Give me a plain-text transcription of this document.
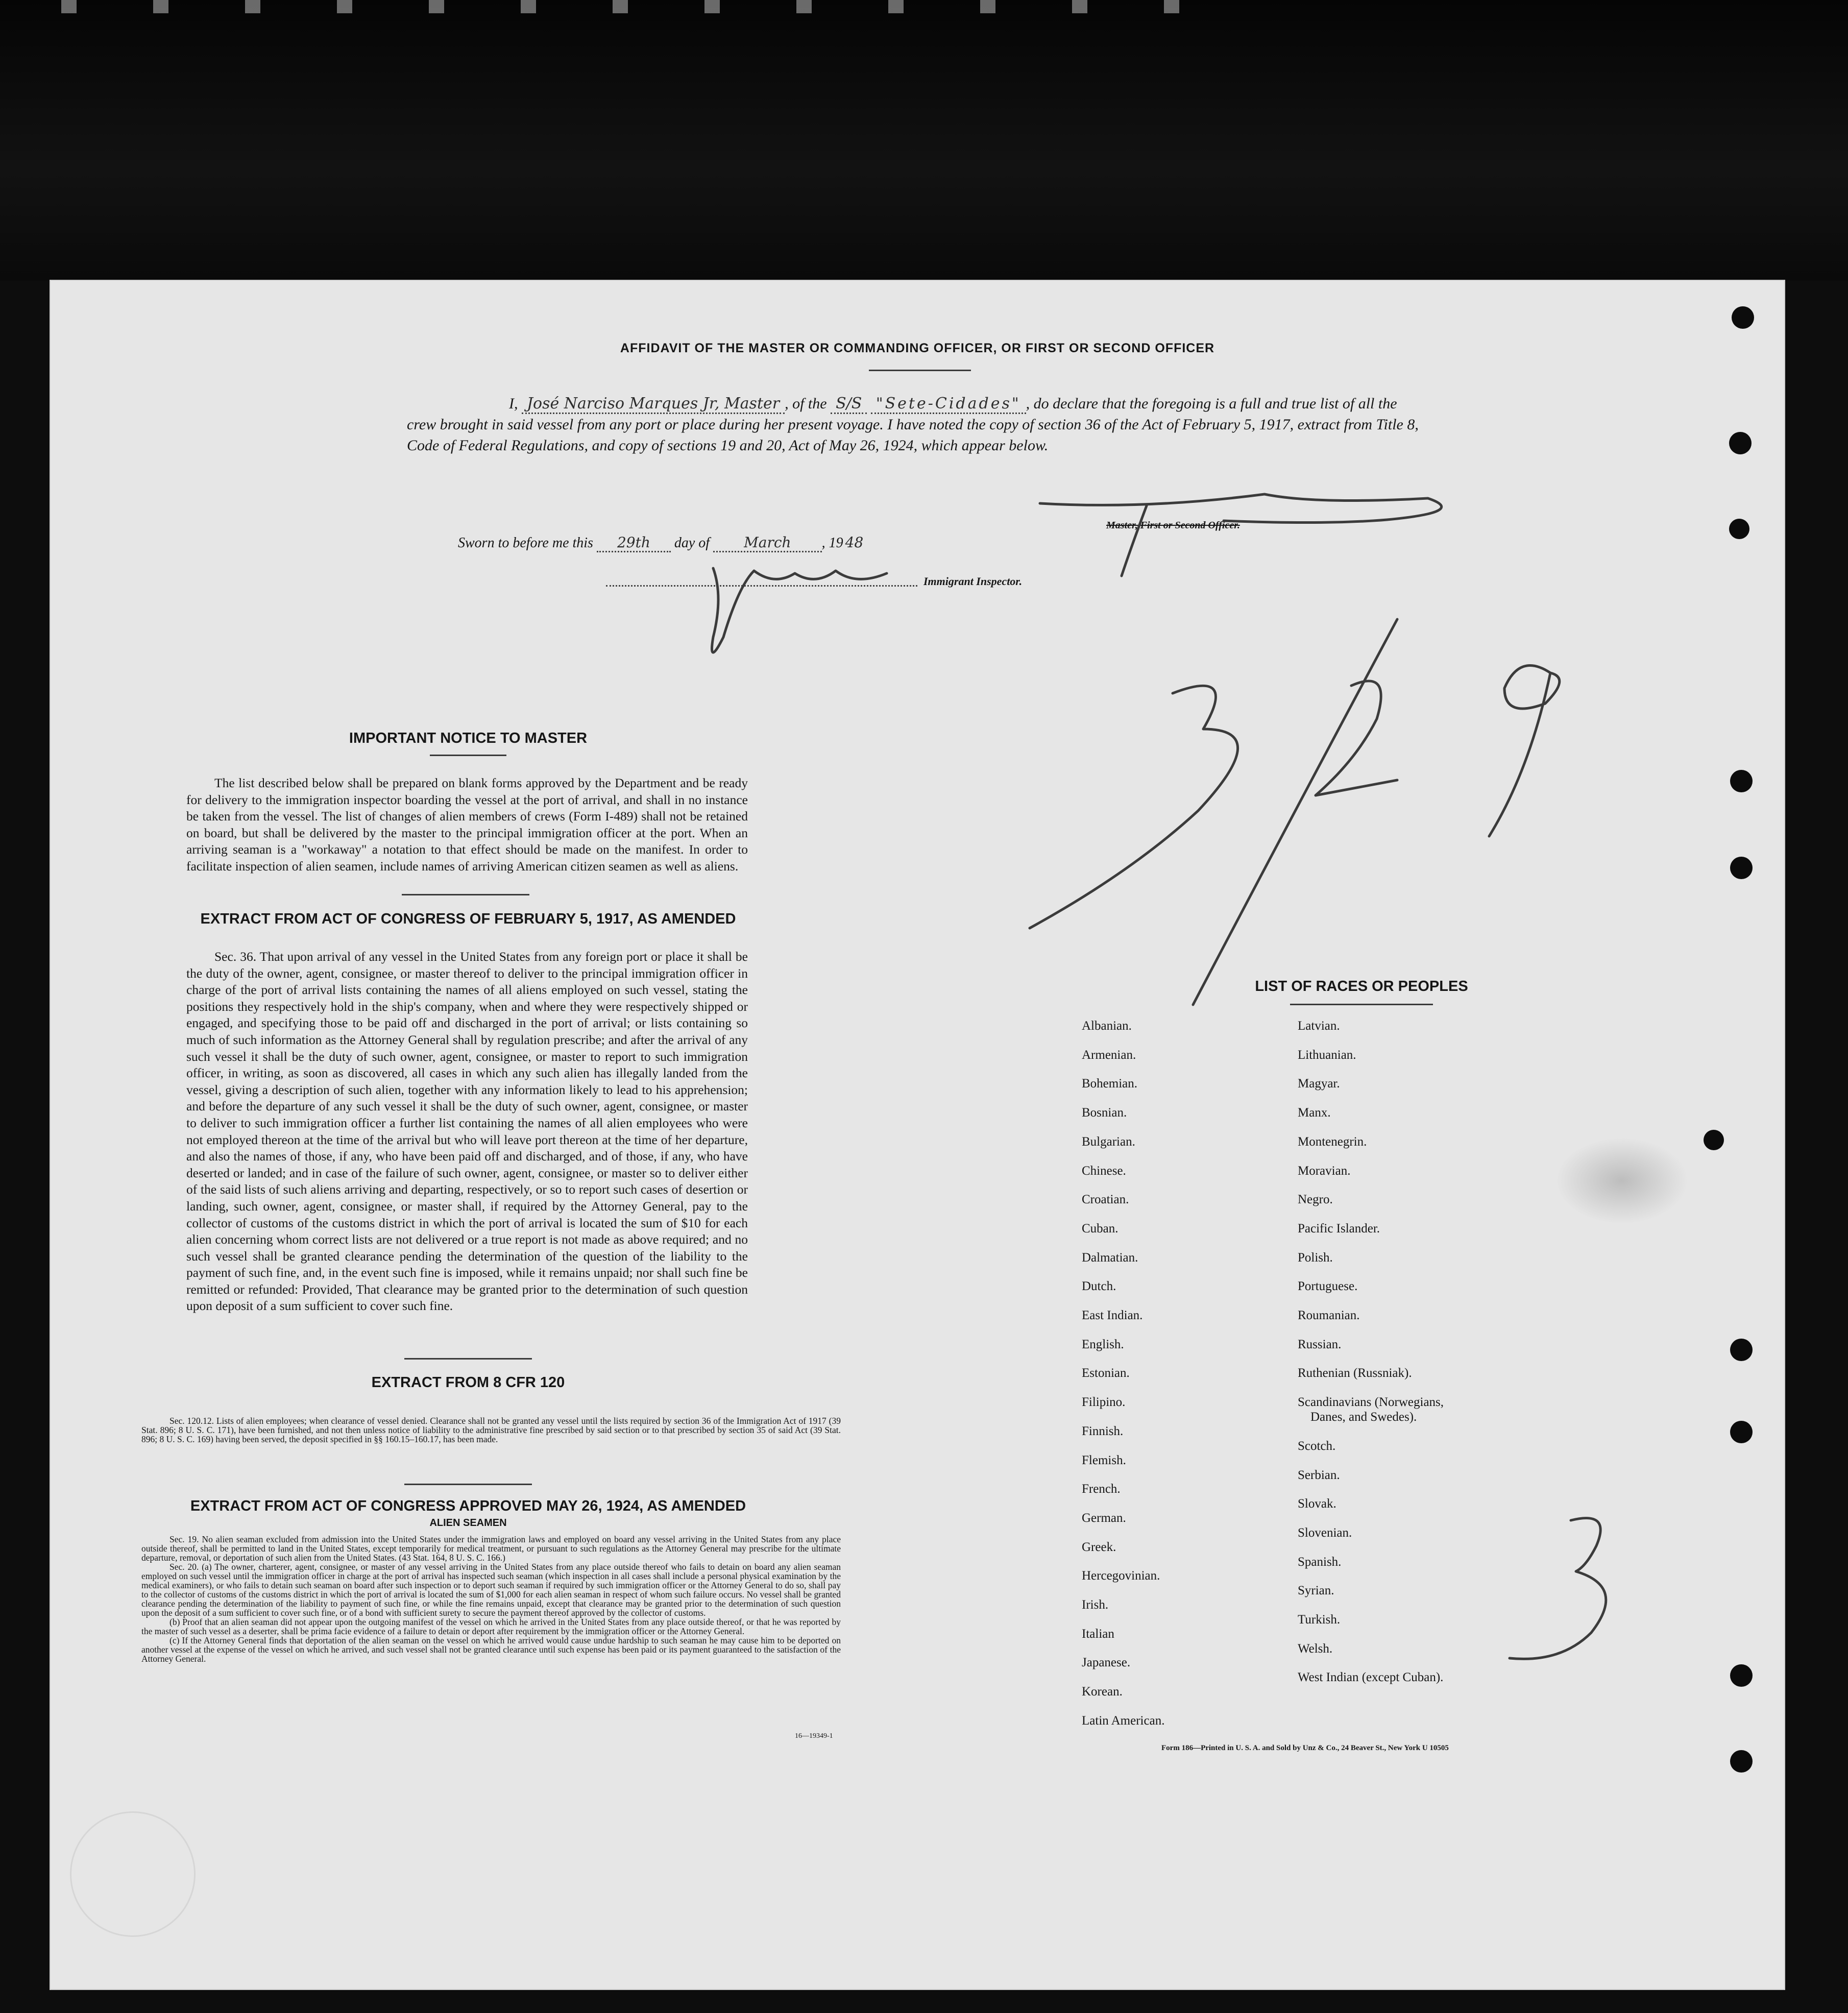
AFFIDAVIT OF THE MASTER OR COMMANDING OFFICER, OR FIRST OR SECOND OFFICER
I, José Narciso Marques Jr, Master , of the S/S "Sete-Cidades" , do declare that the foregoing is a full and true list of all the crew brought in said vessel from any port or place during her present voyage. I have noted the copy of section 36 of the Act of February 5, 1917, extract from Title 8, Code of Federal Regulations, and copy of sections 19 and 20, Act of May 26, 1924, which appear below.
Sworn to before me this 29th day of March , 19 48
Master, First or Second Officer.
Immigrant Inspector.
IMPORTANT NOTICE TO MASTER
The list described below shall be prepared on blank forms approved by the Department and be ready for delivery to the immigration inspector boarding the vessel at the port of arrival, and shall in no instance be taken from the vessel. The list of changes of alien members of crews (Form I-489) shall not be retained on board, but shall be delivered by the master to the principal immigration officer at the port. When an arriving seaman is a "workaway" a notation to that effect should be made on the manifest. In order to facilitate inspection of alien seamen, include names of arriving American citizen seamen as well as aliens.
EXTRACT FROM ACT OF CONGRESS OF FEBRUARY 5, 1917, AS AMENDED
Sec. 36. That upon arrival of any vessel in the United States from any foreign port or place it shall be the duty of the owner, agent, consignee, or master thereof to deliver to the principal immigration officer in charge of the port of arrival lists containing the names of all aliens employed on such vessel, stating the positions they respectively hold in the ship's company, when and where they were respectively shipped or engaged, and specifying those to be paid off and discharged in the port of arrival; or lists containing so much of such information as the Attorney General shall by regulation prescribe; and after the arrival of any such vessel it shall be the duty of such owner, agent, consignee, or master to report to such immigration officer, in writing, as soon as discovered, all cases in which any such alien has illegally landed from the vessel, giving a description of such alien, together with any information likely to lead to his apprehension; and before the departure of any such vessel it shall be the duty of such owner, agent, consignee, or master to deliver to such immigration officer a further list containing the names of all alien employees who were not employed thereon at the time of the arrival but who will leave port thereon at the time of her departure, and also the names of those, if any, who have been paid off and discharged, and of those, if any, who have deserted or landed; and in case of the failure of such owner, agent, consignee, or master so to deliver either of the said lists of such aliens arriving and departing, respectively, or so to report such cases of desertion or landing, such owner, agent, consignee, or master shall, if required by the Attorney General, pay to the collector of customs of the customs district in which the port of arrival is located the sum of $10 for each alien concerning whom correct lists are not delivered or a true report is not made as above required; and no such vessel shall be granted clearance pending the determination of the question of the liability to the payment of such fine, and, in the event such fine is imposed, while it remains unpaid; nor shall such fine be remitted or refunded: Provided, That clearance may be granted prior to the determination of such question upon deposit of a sum sufficient to cover such fine.
EXTRACT FROM 8 CFR 120
Sec. 120.12. Lists of alien employees; when clearance of vessel denied. Clearance shall not be granted any vessel until the lists required by section 36 of the Immigration Act of 1917 (39 Stat. 896; 8 U. S. C. 171), have been furnished, and not then unless notice of liability to the administrative fine prescribed by said section or to that prescribed by section 35 of said Act (39 Stat. 896; 8 U. S. C. 169) having been served, the deposit specified in §§ 160.15–160.17, has been made.
EXTRACT FROM ACT OF CONGRESS APPROVED MAY 26, 1924, AS AMENDED
ALIEN SEAMEN
Sec. 19. No alien seaman excluded from admission into the United States under the immigration laws and employed on board any vessel arriving in the United States from any place outside thereof, shall be permitted to land in the United States, except temporarily for medical treatment, or pursuant to such regulations as the Attorney General may prescribe for the ultimate departure, removal, or deportation of such alien from the United States. (43 Stat. 164, 8 U. S. C. 166.)
Sec. 20. (a) The owner, charterer, agent, consignee, or master of any vessel arriving in the United States from any place outside thereof who fails to detain on board any alien seaman employed on such vessel until the immigration officer in charge at the port of arrival has inspected such seaman (which inspection in all cases shall include a personal physical examination by the medical examiners), or who fails to detain such seaman on board after such inspection or to deport such seaman if required by such immigration officer or the Attorney General to do so, shall pay to the collector of customs of the customs district in which the port of arrival is located the sum of $1,000 for each alien seaman in respect of whom such failure occurs. No vessel shall be granted clearance pending the determination of the liability to payment of such fine, or while the fine remains unpaid, except that clearance may be granted prior to the determination of such question upon the deposit of a sum sufficient to cover such fine, or of a bond with sufficient surety to secure the payment thereof approved by the collector of customs.
(b) Proof that an alien seaman did not appear upon the outgoing manifest of the vessel on which he arrived in the United States from any place outside thereof, or that he was reported by the master of such vessel as a deserter, shall be prima facie evidence of a failure to detain or deport after requirement by the immigration officer or the Attorney General.
(c) If the Attorney General finds that deportation of the alien seaman on the vessel on which he arrived would cause undue hardship to such seaman he may cause him to be deported on another vessel at the expense of the vessel on which he arrived, and such vessel shall not be granted clearance until such expense has been paid or its payment guaranteed to the satisfaction of the Attorney General.
16—19349-1
LIST OF RACES OR PEOPLES
Albanian.
Armenian.
Bohemian.
Bosnian.
Bulgarian.
Chinese.
Croatian.
Cuban.
Dalmatian.
Dutch.
East Indian.
English.
Estonian.
Filipino.
Finnish.
Flemish.
French.
German.
Greek.
Hercegovinian.
Irish.
Italian
Japanese.
Korean.
Latin American.
Latvian.
Lithuanian.
Magyar.
Manx.
Montenegrin.
Moravian.
Negro.
Pacific Islander.
Polish.
Portuguese.
Roumanian.
Russian.
Ruthenian (Russniak).
Scandinavians (Norwegians,
Danes, and Swedes).
Scotch.
Serbian.
Slovak.
Slovenian.
Spanish.
Syrian.
Turkish.
Welsh.
West Indian (except Cuban).
Form 186—Printed in U. S. A. and Sold by Unz & Co., 24 Beaver St., New York U 10505
